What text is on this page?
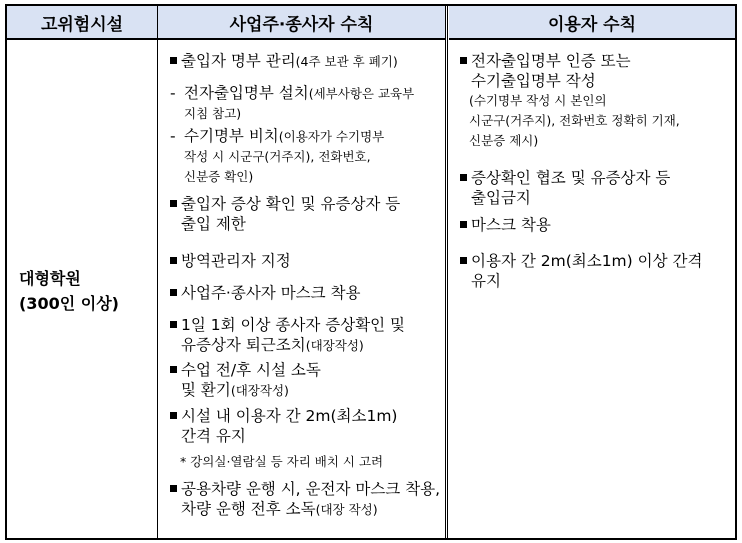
고위험시설	사업주·종사자 수칙	이용자 수칙
대형학원
(300인 이상)
출입자 명부 관리(4주 보관 후 폐기)
- 전자출입명부 설치(세부사항은 교육부
지침 참고)
- 수기명부 비치(이용자가 수기명부
작성 시 시군구(거주지), 전화번호,
신분증 확인)
출입자 증상 확인 및 유증상자 등
출입 제한
방역관리자 지정
사업주·종사자 마스크 착용
1일 1회 이상 종사자 증상확인 및
유증상자 퇴근조치(대장작성)
수업 전/후 시설 소독
및 환기(대장작성)
시설 내 이용자 간 2m(최소1m)
간격 유지
* 강의실·열람실 등 자리 배치 시 고려
공용차량 운행 시, 운전자 마스크 착용,
차량 운행 전후 소독(대장 작성)
전자출입명부 인증 또는
수기출입명부 작성
(수기명부 작성 시 본인의
시군구(거주지), 전화번호 정확히 기재,
신분증 제시)
증상확인 협조 및 유증상자 등
출입금지
마스크 착용
이용자 간 2m(최소1m) 이상 간격
유지
